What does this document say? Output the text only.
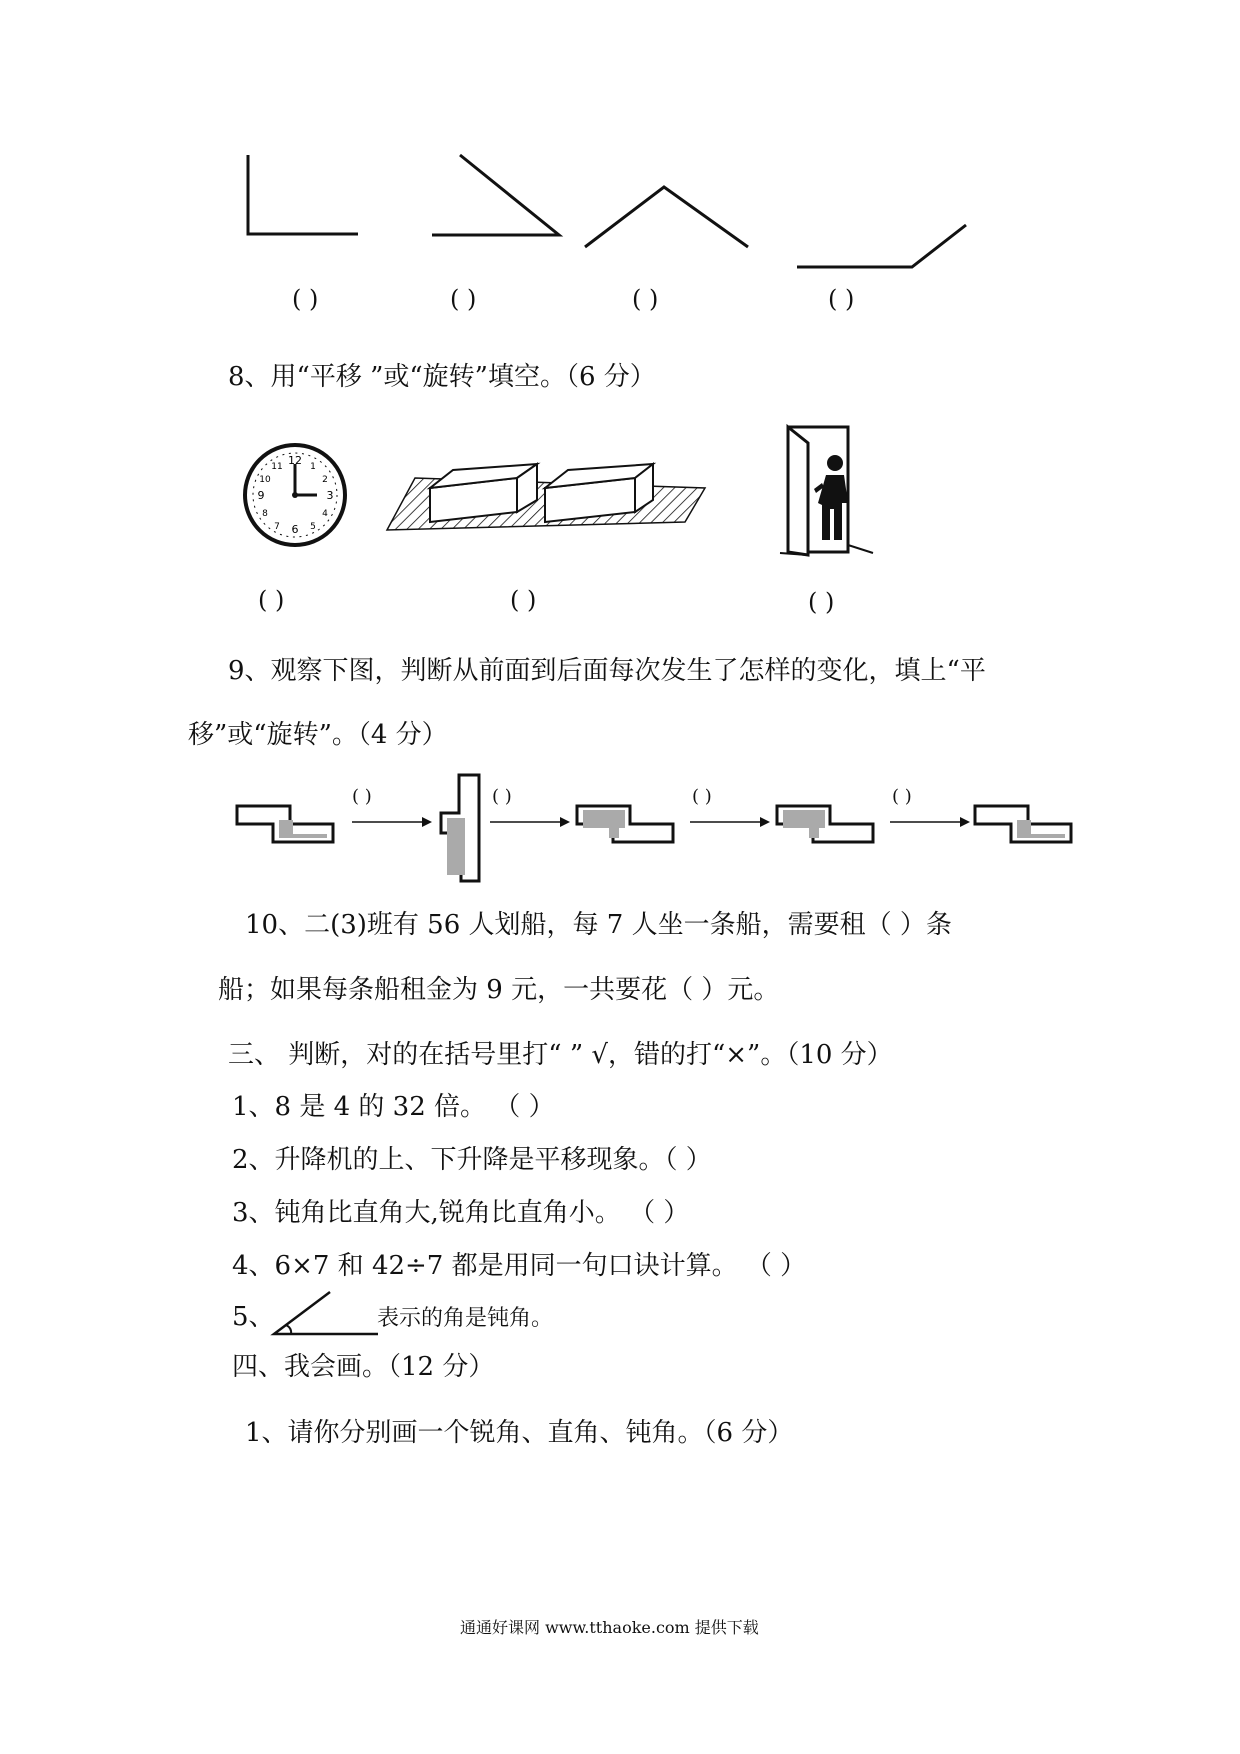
( )	( )	( )	( )
8、用“平移 ”或“旋转”填空。（6 分）
12
3
6
9
1
2
4
5
7
8
10
11
( )	( )	( )
9、观察下图，判断从前面到后面每次发生了怎样的变化，填上“平
移”或“旋转”。（4 分）
( )	( )	( )	( )
10、二(3)班有 56 人划船，每 7 人坐一条船，需要租（ ）条
船；如果每条船租金为 9 元，一共要花（ ）元。
三、 判断，对的在括号里打“ ” √，错的打“×”。（10 分）
1、8 是 4 的 32 倍。 （ ）
2、升降机的上、下升降是平移现象。（ ）
3、钝角比直角大,锐角比直角小。 （ ）
4、6×7 和 42÷7 都是用同一句口诀计算。 （ ）
5、	表示的角是钝角。
四、我会画。（12 分）
1、请你分别画一个锐角、直角、钝角。（6 分）
通通好课网 www.tthaoke.com 提供下载
